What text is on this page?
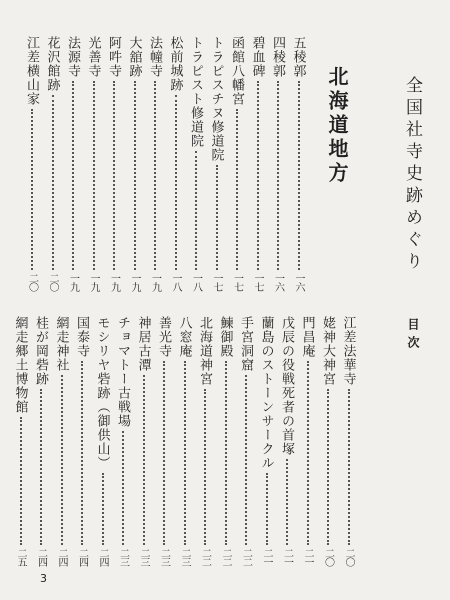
全国社寺史跡めぐり
目次
北海道地方
五稜郭
一六
四稜郭
一六
碧血碑
一七
函館八幡宮
一七
トラピスチヌ修道院
一七
トラピスト修道院
一八
松前城跡
一八
法幢寺
一九
大舘跡
一九
阿吽寺
一九
光善寺
一九
法源寺
一九
花沢館跡
二〇
江差横山家
二〇
江差法華寺
二〇
姥神大神宮
二〇
門昌庵
二一
戊辰の役戦死者の首塚
二一
蘭島のストーンサークル
二一
手宮洞窟
二二
鰊御殿
二二
北海道神宮
二二
八窓庵
二三
善光寺
二三
神居古潭
二三
チョマトー古戦場
二三
モシリヤ砦跡（御供山）
二四
国泰寺
二四
網走神社
二四
桂が岡砦跡
二四
網走郷土博物館
二五
3
